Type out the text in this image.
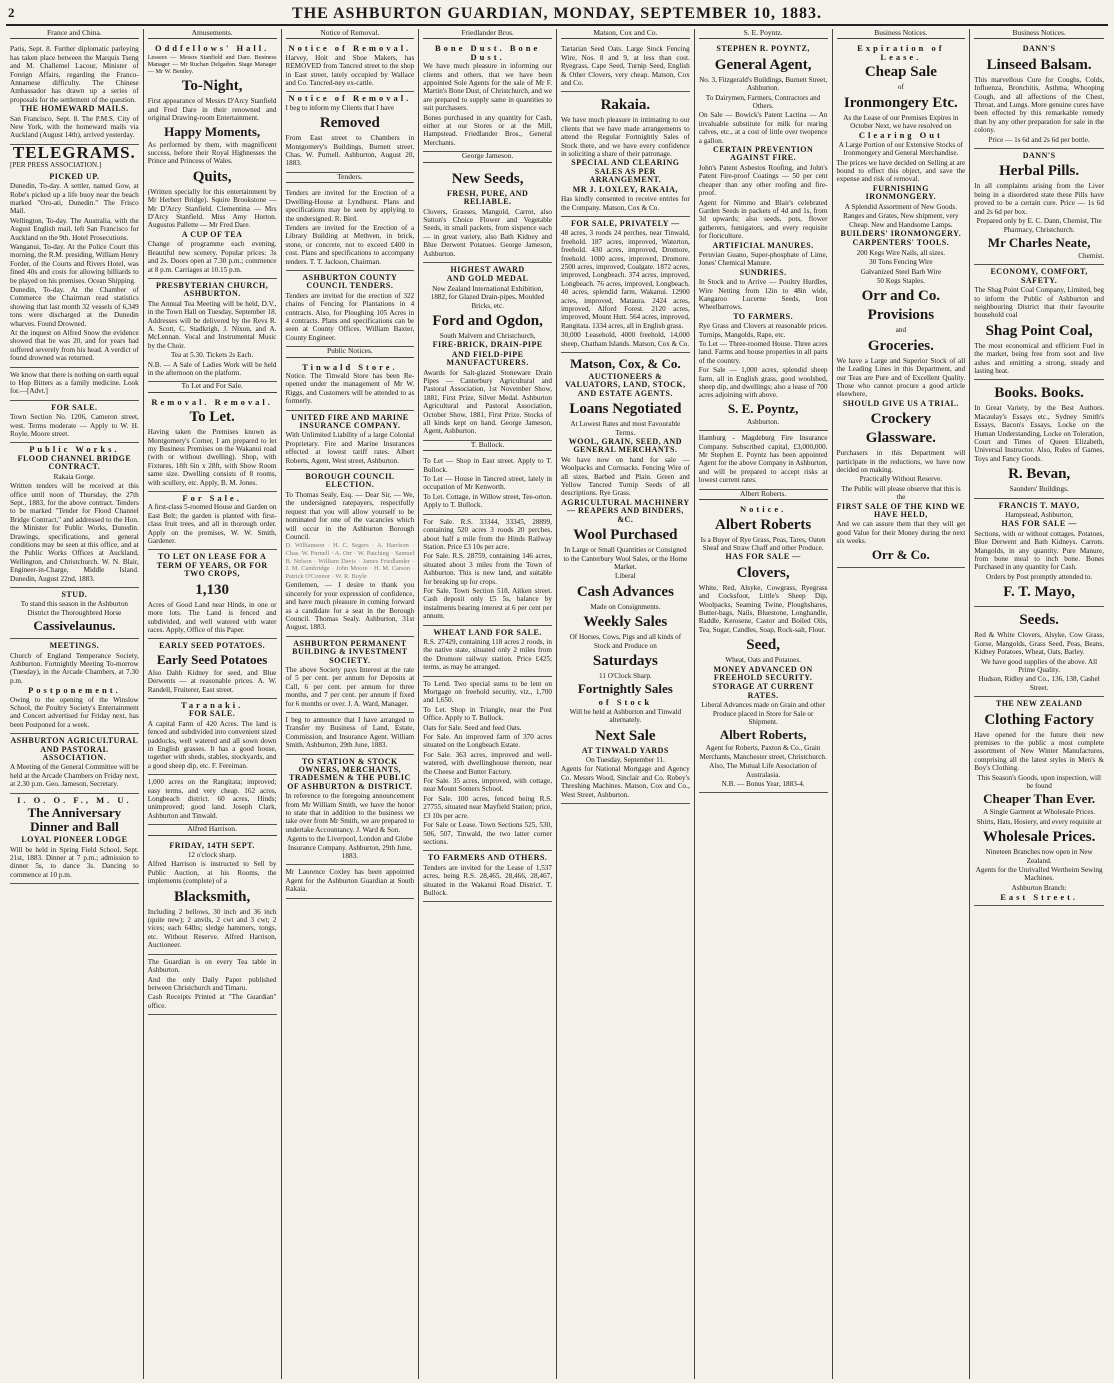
2	THE ASHBURTON GUARDIAN, MONDAY, SEPTEMBER 10, 1883.
France and China.

Paris, Sept. 8. Further diplomatic parleying has taken place between the Marquis Tseng and M. Challemel Lacour, Minister of Foreign Affairs, regarding the Franco-Annamese difficulty. The Chinese Ambassador has drawn up a series of proposals for the settlement of the question.

THE HOMEWARD MAILS.

San Francisco, Sept. 8. The P.M.S. City of New York, with the homeward mails via Auckland (August 14th), arrived yesterday.

TELEGRAMS.
[PER PRESS ASSOCIATION.]
PICKED UP.

Dunedin, To-day. A settler, named Gow, at Robe's picked up a life buoy near the beach marked "Oro-ati, Dunedin." The Frisco Mail.

Wellington, To-day. The Australia, with the August English mail, left San Francisco for Auckland on the 9th. Hotel Prosecutions.

Wanganui, To-day. At the Police Court this morning, the R.M. presiding, William Henry Forder, of the Courts and Rivers Hotel, was fined 40s and costs for allowing billiards to be played on his premises. Ocean Shipping.

Dunedin, To-day. At the Chamber of Commerce the Chairman read statistics showing that last month 32 vessels of 6,349 tons were discharged at the Dunedin wharves. Found Drowned.

At the inquest on Alfred Snow the evidence showed that he was 20, and for years had suffered severely from his head. A verdict of found drowned was returned.

We know that there is nothing on earth equal to Hop Bitters as a family medicine. Look for.—[Advt.]

FOR SALE.

Town Section No. 1206, Cameron street, west. Terms moderate — Apply to W. H. Royle, Moore street.

Public Works.
FLOOD CHANNEL BRIDGE CONTRACT.
Rakaia Gorge.

Written tenders will be received at this office until noon of Thursday, the 27th Sept., 1883, for the above contract. Tenders to be marked "Tender for Flood Channel Bridge Contract," and addressed to the Hon. the Minister for Public Works, Dunedin. Drawings, specifications, and general conditions may be seen at this office, and at the Public Works Offices at Auckland, Wellington, and Christchurch. W. N. Blair, Engineer-in-Charge, Middle Island. Dunedin, August 22nd, 1883.

STUD.

To stand this season in the Ashburton District the Thoroughbred Horse

Cassivelaunus.
MEETINGS.

Church of England Temperance Society, Ashburton. Fortnightly Meeting To-morrow (Tuesday), in the Arcade Chambers, at 7.30 p.m.

Postponement.

Owing to the opening of the Winslow School, the Poultry Society's Entertainment and Concert advertised for Friday next, has been Postponed for a week.

ASHBURTON AGRICULTURAL AND PASTORAL ASSOCIATION.

A Meeting of the General Committee will be held at the Arcade Chambers on Friday next, at 2.30 p.m. Geo. Jameson, Secretary.

I. O. O. F., M. U.
The Anniversary Dinner and Ball
LOYAL PIONEER LODGE

Will be held in Spring Field School, Sept. 21st, 1883. Dinner at 7 p.m.; admission to dinner 5s, to dance 3s. Dancing to commence at 10 p.m.

Amusements.
Oddfellows' Hall.

Lessees — Messrs Stanfield and Dare. Business Manager — Mr Ruchan Delgadon. Stage Manager — Mr W. Bentley.

To-Night,

First appearance of Messrs D'Arcy Stanfield and Fred Dare in their renowned and original Drawing-room Entertainment.

Happy Moments,

As performed by them, with magnificent success, before their Royal Highnesses the Prince and Princess of Wales.

Quits,

(Written specially for this entertainment by Mr Herbert Bridge). Squire Brookstone — Mr D'Arcy Stanfield. Clementina — Mrs D'Arcy Stanfield. Miss Amy Horton. Augustus Pallette — Mr Fred Dare.

A CUP OF TEA

Change of programme each evening. Beautiful new scenery. Popular prices: 3s and 2s. Doors open at 7.30 p.m.; commence at 8 p.m. Carriages at 10.15 p.m.

PRESBYTERIAN CHURCH, ASHBURTON.

The Annual Tea Meeting will be held, D.V., in the Town Hall on Tuesday, September 18. Addresses will be delivered by the Revs R. A. Scott, C. Stadkrigh, J. Nixon, and A. McLennan. Vocal and Instrumental Music by the Choir.

Tea at 5.30. Tickets 2s Each.

N.B. — A Sale of Ladies Work will be held in the afternoon on the platform.

To Let and For Sale.
Removal. Removal.
To Let.

Having taken the Premises known as Montgomery's Corner, I am prepared to let my Business Premises on the Wakanui road (with or without dwelling). Shop, with Fixtures, 18ft 6in x 28ft, with Show Room same size. Dwelling consists of 8 rooms, with scullery, etc. Apply, B. M. Jones.

For Sale.

A first-class 5-roomed House and Garden on East Belt; the garden is planted with first-class fruit trees, and all in thorough order. Apply on the premises, W. W. Smith, Gardener.

TO LET ON LEASE FOR A TERM OF YEARS, OR FOR TWO CROPS,
1,130

Acres of Good Land near Hinds, in one or more lots. The Land is fenced and subdivided, and well watered with water races. Apply, Office of this Paper.

EARLY SEED POTATOES.
Early Seed Potatoes

Also Dahh Kidney for seed, and Blue Derwents — at reasonable prices. A. W. Randell, Fruiterer, East street.

Taranaki.
FOR SALE.

A capital Farm of 420 Acres. The land is fenced and subdivided into convenient sized paddocks, well watered and all sown down in English grasses. It has a good house, together with sheds, stables, stockyards, and a good sheep dip, etc. F. Fereiman.

1,000 acres on the Rangitata; improved; easy terms, and very cheap. 162 acres, Longbeach district. 60 acres, Hinds; unimproved; good land. Joseph Clark, Ashburton and Tinwald.

Alfred Harrison.
FRIDAY, 14TH SEPT.

12 o'clock sharp.

Alfred Harrison is instructed to Sell by Public Auction, at his Rooms, the implements (complete) of a

Blacksmith,

Including 2 bellows, 30 inch and 36 inch (quite new); 2 anvils, 2 cwt and 3 cwt; 2 vices; each 64lbs; sledge hammers, tongs, etc. Without Reserve. Alfred Harrison, Auctioneer.

The Guardian is on every Tea table in Ashburton.

And the only Daily Paper published between Christchurch and Timaru.

Cash Receipts Printed at "The Guardian" office.

Notice of Removal.
Notice of Removal.

Harvey, Hoit and Shoe Makers, has REMOVED from Tancred street to the shop in East street, lately occupied by Wallace and Co. Tancred-ney ex-cattle.

Notice of Removal.

I beg to inform my Clients that I have

Removed

From East street to Chambers in Montgomery's Buildings, Burnett street. Chas. W. Purnell. Ashburton, August 20, 1883.

Tenders.

Tenders are invited for the Erection of a Dwelling-House at Lyndhurst. Plans and specifications may be seen by applying to the undersigned. R. Bird.

Tenders are invited for the Erection of a Library Building at Methven, in brick, stone, or concrete, not to exceed £400 in cost. Plans and specifications to accompany tenders. T. T. Jackson, Chairman.

ASHBURTON COUNTY COUNCIL TENDERS.

Tenders are invited for the erection of 322 chains of Fencing for Plantations in 4 contracts. Also, for Ploughing 105 Acres in 4 contracts. Plans and specifications can be seen at County Offices. William Baxter, County Engineer.

Public Notices.
Tinwald Store.

Notice. The Tinwald Store has been Re-opened under the management of Mr W. Riggs, and Customers will be attended to as formerly.

UNITED FIRE AND MARINE INSURANCE COMPANY.

With Unlimited Liability of a large Colonial Proprietary. Fire and Marine Insurances effected at lowest tariff rates. Albert Roberts, Agent, West street, Ashburton.

BOROUGH COUNCIL ELECTION.

To Thomas Sealy, Esq. — Dear Sir, — We, the undersigned ratepayers, respectfully request that you will allow yourself to be nominated for one of the vacancies which will occur in the Ashburton Borough Council.

D. Williamson · H. C. Segers · A. Harrison · Chas. W. Purnell · A. Orr · W. Patching · Samuel B. Nelson · William Davis · James Friedlander · J. M. Cambridge · John Moore · H. M. Carson · Patrick O'Connor · W. R. Boyle

Gentlemen, — I desire to thank you sincerely for your expression of confidence, and have much pleasure in coming forward as a candidate for a seat in the Borough Council. Thomas Sealy. Ashburton, 31st August, 1883.

ASHBURTON PERMANENT BUILDING & INVESTMENT SOCIETY.

The above Society pays Interest at the rate of 5 per cent. per annum for Deposits at Call, 6 per cent. per annum for three months, and 7 per cent. per annum if fixed for 6 months or over. J. A. Ward, Manager.

I beg to announce that I have arranged to Transfer my Business of Land, Estate, Commission, and Insurance Agent. William Smith. Ashburton, 29th June, 1883.

TO STATION & STOCK OWNERS, MERCHANTS, TRADESMEN & THE PUBLIC OF ASHBURTON & DISTRICT.

In reference to the foregoing announcement from Mr William Smith, we have the honor to state that in addition to the business we take over from Mr Smith, we are prepared to undertake Accountancy. J. Ward & Son.

Agents to the Liverpool, London and Globe Insurance Company. Ashburton, 29th June, 1883.

Mr Laurence Coxley has been appointed Agent for the Ashburton Guardian at South Rakaia.

Friedlander Bros.
Bone Dust. Bone Dust.

We have much pleasure in informing our clients and others, that we have been appointed Sole Agents for the sale of Mr F. Martin's Bone Dust, of Christchurch, and we are prepared to supply same in quantities to suit purchasers.

Bones purchased in any quantity for Cash, either at our Stores or at the Mill, Hampstead. Friedlander Bros., General Merchants.

George Jameson.
New Seeds,
FRESH, PURE, AND RELIABLE.

Clovers, Grasses, Mangold, Carrot, also Sutton's Choice Flower and Vegetable Seeds, in small packets, from sixpence each — in great variety, also Bath Kidney and Blue Derwent Potatoes. George Jameson, Ashburton.

HIGHEST AWARD
AND GOLD MEDAL

New Zealand International Exhibition, 1882, for Glazed Drain-pipes, Moulded Bricks, etc.

Ford and Ogdon,

South Malvern and Christchurch,

FIRE-BRICK, DRAIN-PIPE
AND FIELD-PIPE MANUFACTURERS.

Awards for Salt-glazed Stoneware Drain Pipes — Canterbury Agricultural and Pastoral Association, 1st November Show, 1881, First Prize, Silver Medal. Ashburton Agricultural and Pastoral Association, October Show, 1881, First Prize. Stocks of all kinds kept on hand. George Jameson, Agent, Ashburton.

T. Bullock.

To Let — Shop in East street. Apply to T. Bullock.

To Let — House in Tancred street, lately in occupation of Mr Kenworth.

To Let. Cottage, in Willow street, Tee-orton. Apply to T. Bullock.

For Sale. R.S. 33344, 33345, 28899, containing 520 acres 3 roods 20 perches, about half a mile from the Hinds Railway Station. Price £3 10s per acre.

For Sale. R.S. 28759, containing 146 acres, situated about 3 miles from the Town of Ashburton. This is new land, and suitable for breaking up for crops.

For Sale. Town Section 518, Aitken street. Cash deposit only £5 5s, balance by instalments bearing interest at 6 per cent per annum.

WHEAT LAND FOR SALE.

R.S. 27429, containing 118 acres 2 roods, in the native state, situated only 2 miles from the Dromore railway station. Price £425; terms, as may be arranged.

To Lend. Two special sums to be lent on Mortgage on freehold security, viz., 1,700 and 1,650.

To Let. Shop in Triangle, near the Post Office. Apply to T. Bullock.

Oats for Sale. Seed and feed Oats.

For Sale. An improved farm of 370 acres situated on the Longbeach Estate.

For Sale. 363 acres, improved and well-watered, with dwellinghouse thereon, near the Cheese and Butter Factory.

For Sale. 35 acres, improved, with cottage, near Mount Somers School.

For Sale. 100 acres, fenced being R.S. 27755, situated near Mayfield Station; price, £3 10s per acre.

For Sale or Lease. Town Sections 525, 530, 506, 507, Tinwald, the two latter corner sections.

TO FARMERS AND OTHERS.

Tenders are invited for the Lease of 1,537 acres, being R.S. 28,465, 28,466, 28,467, situated in the Wakanui Road District. T. Bullock.

Matson, Cox and Co.

Tartarian Seed Oats. Large Stock Fencing Wire, Nos. 8 and 9, at less than cost. Ryegrass, Cape Seed, Turnip Seed, English & Other Clovers, very cheap. Matson, Cox and Co.

Rakaia.

We have much pleasure in intimating to our clients that we have made arrangements to attend the Regular Fortnightly Sales of Stock there, and we have every confidence in soliciting a share of their patronage.

SPECIAL AND CLEARING SALES AS PER ARRANGEMENT.
MR J. LOXLEY, RAKAIA,

Has kindly consented to receive entries for the Company. Matson, Cox & Co.

FOR SALE, PRIVATELY —

48 acres, 3 roods 24 perches, near Tinwald, freehold. 187 acres, improved, Waterton, freehold. 430 acres, improved, Dromore, freehold. 1000 acres, improved, Dromore. 2500 acres, improved, Coalgate. 1872 acres, improved, Longbeach. 374 acres, improved, Longbeach. 76 acres, improved, Longbeach. 40 acres, splendid farm, Wakanui. 12900 acres, improved, Mataura. 2424 acres, improved, Alford Forest. 2120 acres, improved, Mount Hutt. 564 acres, improved, Rangitata. 1334 acres, all in English grass.

30,000 Leasehold, 4000 freehold, 14,000 sheep, Chatham Islands. Matson, Cox & Co.

Matson, Cox, & Co.
AUCTIONEERS & VALUATORS, LAND, STOCK, AND ESTATE AGENTS.
Loans Negotiated

At Lowest Rates and most Favourable Terms.

WOOL, GRAIN, SEED, AND GENERAL MERCHANTS.

We have now on hand for sale — Woolpacks and Cornsacks. Fencing Wire of all sizes, Barbed and Plain. Green and Yellow Tancred Turnip Seeds of all descriptions. Rye Grass.

AGRICULTURAL MACHINERY — REAPERS AND BINDERS, &C.
Wool Purchased

In Large or Small Quantities or Consigned to the Canterbury Wool Sales, or the Home Market.

Liberal

Cash Advances

Made on Consignments.

Weekly Sales

Of Horses, Cows, Pigs and all kinds of Stock and Produce on

Saturdays

11 O'Clock Sharp.

Fortnightly Sales
of Stock

Will be held at Ashburton and Tinwald alternately.

Next Sale
AT TINWALD YARDS

On Tuesday, September 11.

Agents for National Mortgage and Agency Co. Messrs Wood, Sinclair and Co. Robey's Threshing Machines. Matson, Cox and Co., West Street, Ashburton.

S. E. Poyntz.
STEPHEN R. POYNTZ,
General Agent,

No. 3, Fitzgerald's Buildings, Burnett Street, Ashburton.

To Dairymen, Farmers, Contractors and Others.

On Sale — Bowick's Patent Lactina — An invaluable substitute for milk for rearing calves, etc., at a cost of little over twopence a gallon.

CERTAIN PREVENTION AGAINST FIRE.

John's Patent Asbestos Roofing, and John's Patent Fire-proof Coatings — 50 per cent cheaper than any other roofing and fire-proof.

Agent for Nimmo and Blair's celebrated Garden Seeds in packets of 4d and 1s, from 3d upwards; also seeds, pots, flower gatherers, fumigators, and every requisite for floriculture.

ARTIFICIAL MANURES.

Peruvian Guano, Super-phosphate of Lime, Jones' Chemical Manure.

SUNDRIES.

In Stock and to Arrive — Poultry Hurdles, Wire Netting from 12in to 48in wide, Kangaroo Lucerne Seeds, Iron Wheelbarrows.

TO FARMERS.

Rye Grass and Clovers at reasonable prices. Turnips, Mangolds, Rape, etc.

To Let — Three-roomed House. Three acres land. Farms and house properties in all parts of the country.

For Sale — 1,000 acres, splendid sheep farm, all in English grass, good woolshed, sheep dip, and dwellings; also a lease of 700 acres adjoining with above.

S. E. Poyntz,

Ashburton.

Hamburg - Magdeburg Fire Insurance Company. Subscribed capital, £3,000,000. Mr Stephen E. Poyntz has been appointed Agent for the above Company in Ashburton, and will be prepared to accept risks at lowest current rates.

Albert Roberts.
Notice.
Albert Roberts

Is a Buyer of Rye Grass, Peas, Tares, Oaten Sheaf and Straw Chaff and other Produce.

HAS FOR SALE —
Clovers,

White, Red, Alsyke, Cowgrass, Ryegrass and Cocksfoot, Little's Sheep Dip, Woolpacks, Seaming Twine, Ploughshares, Butter-bags, Nails, Bluestone, Longhandle, Raddle, Kerosene, Castor and Boiled Oils, Tea, Sugar, Candles, Soap, Rock-salt, Flour.

Seed,

Wheat, Oats and Potatoes.

MONEY ADVANCED ON FREEHOLD SECURITY.
STORAGE AT CURRENT RATES.

Liberal Advances made on Grain and other Produce placed in Store for Sale or Shipment.

Albert Roberts,

Agent for Roberts, Paxton & Co., Grain Merchants, Manchester street, Christchurch.

Also, The Mutual Life Association of Australasia.

N.B. — Bonus Year, 1883-4.

Business Notices.
Expiration of Lease.
Cheap Sale

of

Ironmongery Etc.

As the Lease of our Premises Expires in October Next, we have resolved on

Clearing Out

A Large Portion of our Extensive Stocks of Ironmongery and General Merchandise.

The prices we have decided on Selling at are bound to effect this object, and save the expense and risk of removal.

FURNISHING IRONMONGERY.

A Splendid Assortment of New Goods.

Ranges and Grates, New shipment, very Cheap. New and Handsome Lamps.

BUILDERS' IRONMONGERY.
CARPENTERS' TOOLS.

200 Kegs Wire Nails, all sizes.

30 Tons Fencing Wire

Galvanized Steel Barb Wire

50 Kegs Staples.

Orr and Co.
Provisions

and

Groceries.

We have a Large and Superior Stock of all the Leading Lines in this Department, and our Teas are Pure and of Excellent Quality. Those who cannot procure a good article elsewhere,

SHOULD GIVE US A TRIAL.
Crockery
Glassware.

Purchasers in this Department will participate in the reductions, we have now decided on making.

Practically Without Reserve.

The Public will please observe that this is the

FIRST SALE OF THE KIND WE HAVE HELD,

And we can assure them that they will get good Value for their Money during the next six weeks.

Orr & Co.
Business Notices.
DANN'S
Linseed Balsam.

This marvellous Cure for Coughs, Colds, Influenza, Bronchitis, Asthma, Whooping Cough, and all affections of the Chest, Throat, and Lungs. More genuine cures have been effected by this remarkable remedy than by any other preparation for sale in the colony.

Price — 1s 6d and 2s 6d per bottle.

DANN'S
Herbal Pills.

In all complaints arising from the Liver being in a disordered state these Pills have proved to be a certain cure. Price — 1s 6d and 2s 6d per box.

Prepared only by E. C. Dann, Chemist, The Pharmacy, Christchurch.

Mr Charles Neate,

Chemist.

ECONOMY, COMFORT, SAFETY.

The Shag Point Coal Company, Limited, beg to inform the Public of Ashburton and neighbouring District that their favourite household coal

Shag Point Coal,

The most economical and efficient Fuel in the market, being free from soot and live ashes and emitting a strong, steady and lasting heat.

Books. Books.

In Great Variety, by the Best Authors. Macaulay's Essays etc., Sydney Smith's Essays, Bacon's Essays, Locke on the Human Understanding, Locke on Toleration, Court and Times of Queen Elizabeth, Universal Instructor. Also, Rules of Games, Toys and Fancy Goods.

R. Bevan,

Saunders' Buildings.

FRANCIS T. MAYO,

Hampstead, Ashburton,

HAS FOR SALE —

Sections, with or without cottages. Potatoes, Blue Derwent and Bath Kidneys. Carrots. Mangolds, in any quantity. Pure Manure, from bone meal to inch bone. Bones Purchased in any quantity for Cash.

Orders by Post promptly attended to.

F. T. Mayo,
Seeds.

Red & White Clovers, Alsyke, Cow Grass, Gorse, Mangolds, Grass Seed, Peas, Beans, Kidney Potatoes, Wheat, Oats, Barley.

We have good supplies of the above. All Prime Quality.

Hudson, Ridley and Co., 136, 138, Cashel Street.

THE NEW ZEALAND
Clothing Factory

Have opened for the future their new premises to the public a most complete assortment of New Winter Manufactures, comprising all the latest styles in Men's & Boy's Clothing.

This Season's Goods, upon inspection, will be found

Cheaper Than Ever.

A Single Garment at Wholesale Prices.

Shirts, Hats, Hosiery, and every requisite at

Wholesale Prices.

Nineteen Branches now open in New Zealand.

Agents for the Unrivalled Wertheim Sewing Machines.

Ashburton Branch:

East Street.
